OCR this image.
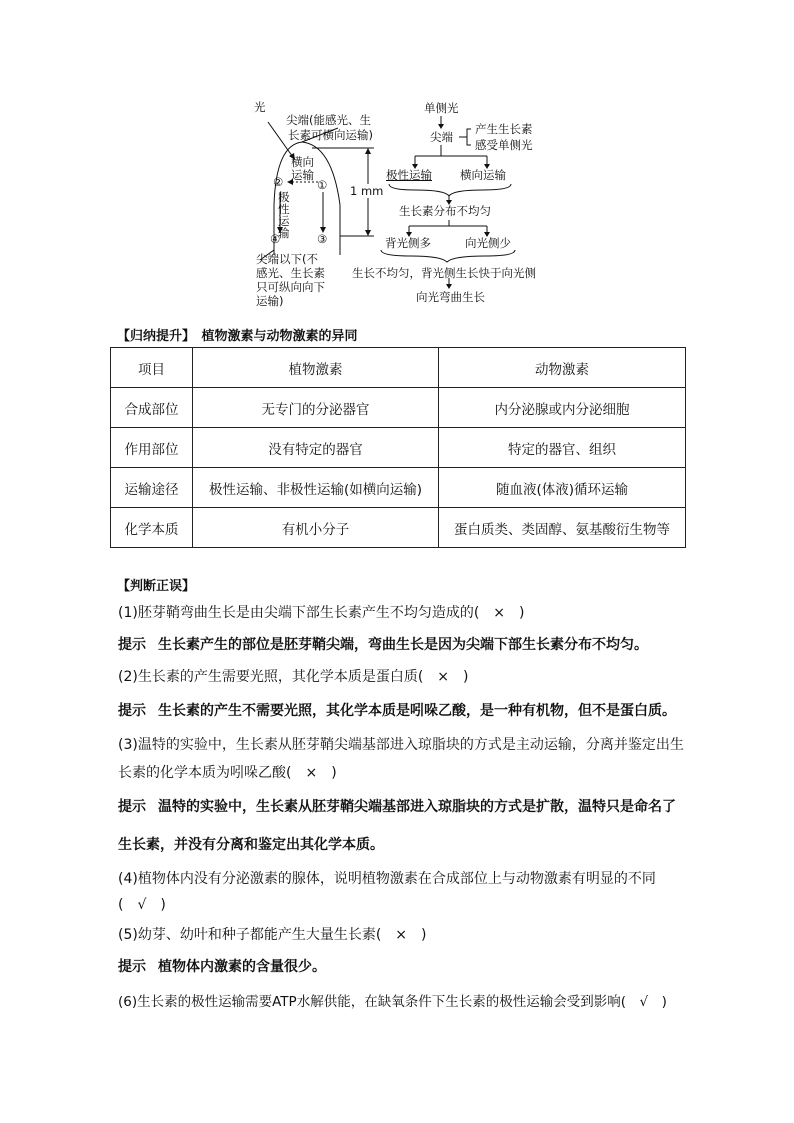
光
尖端(能感光、生
长素可横向运输)
横向
运输
②	①
极
性
运
输
④	③
1 mm
尖端以下(不
感光、生长素
只可纵向向下
运输)
单侧光
尖端
产生生长素
感受单侧光
极性运输 横向运输
生长素分布不均匀
背光侧多	向光侧少
生长不均匀，背光侧生长快于向光侧
向光弯曲生长
【归纳提升】　植物激素与动物激素的异同
项目	植物激素	动物激素
合成部位	无专门的分泌器官	内分泌腺或内分泌细胞
作用部位	没有特定的器官	特定的器官、组织
运输途径	极性运输、非极性运输(如横向运输)	随血液(体液)循环运输
化学本质	有机小分子	蛋白质类、类固醇、氨基酸衍生物等
【判断正误】
(1)胚芽鞘弯曲生长是由尖端下部生长素产生不均匀造成的(　×　)
提示 生长素产生的部位是胚芽鞘尖端，弯曲生长是因为尖端下部生长素分布不均匀。
(2)生长素的产生需要光照，其化学本质是蛋白质(　×　)
提示 生长素的产生不需要光照，其化学本质是吲哚乙酸，是一种有机物，但不是蛋白质。
(3)温特的实验中，生长素从胚芽鞘尖端基部进入琼脂块的方式是主动运输，分离并鉴定出生
长素的化学本质为吲哚乙酸(　×　)
提示 温特的实验中，生长素从胚芽鞘尖端基部进入琼脂块的方式是扩散，温特只是命名了
生长素，并没有分离和鉴定出其化学本质。
(4)植物体内没有分泌激素的腺体，说明植物激素在合成部位上与动物激素有明显的不同
(　√　)
(5)幼芽、幼叶和种子都能产生大量生长素(　×　)
提示 植物体内激素的含量很少。
(6)生长素的极性运输需要ATP水解供能，在缺氧条件下生长素的极性运输会受到影响(　√　)
